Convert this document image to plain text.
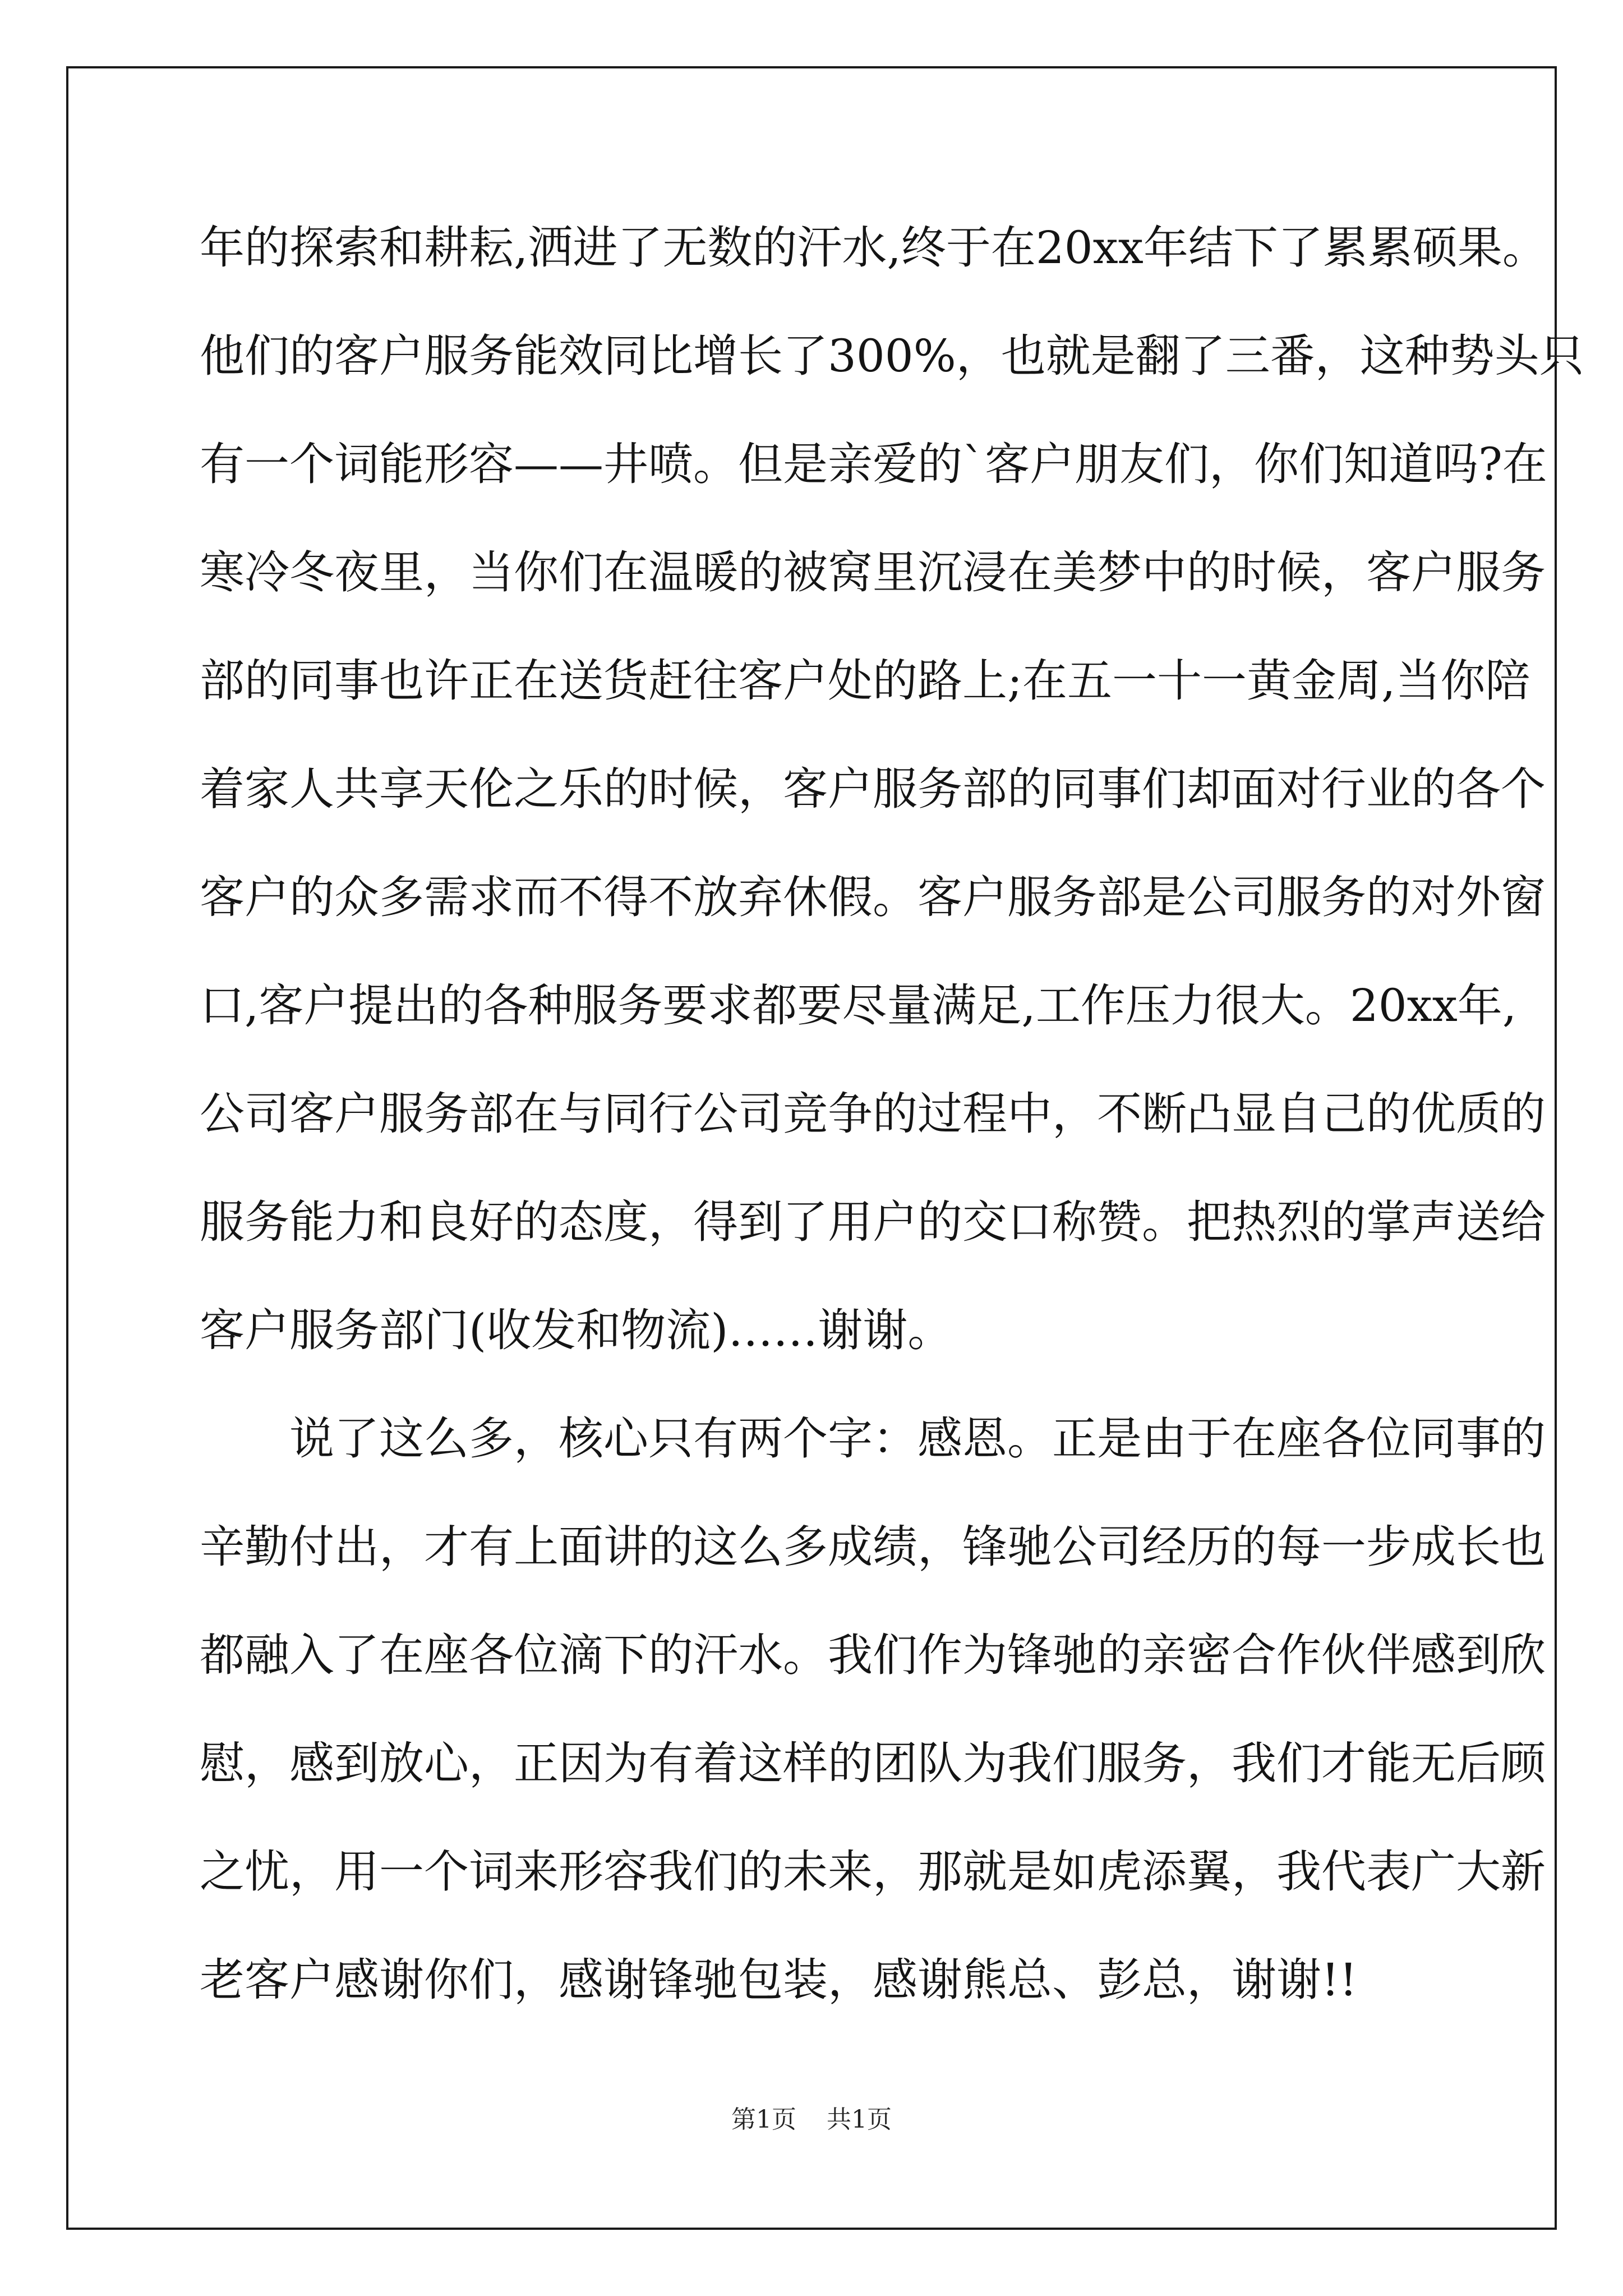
年的探索和耕耘,洒进了无数的汗水,终于在20xx年结下了累累硕果。
他们的客户服务能效同比增长了300%，也就是翻了三番，这种势头只
有一个词能形容——井喷。但是亲爱的`客户朋友们，你们知道吗?在
寒冷冬夜里，当你们在温暖的被窝里沉浸在美梦中的时候，客户服务
部的同事也许正在送货赶往客户处的路上;在五一十一黄金周,当你陪
着家人共享天伦之乐的时候，客户服务部的同事们却面对行业的各个
客户的众多需求而不得不放弃休假。客户服务部是公司服务的对外窗
口,客户提出的各种服务要求都要尽量满足,工作压力很大。20xx年,
公司客户服务部在与同行公司竞争的过程中，不断凸显自己的优质的
服务能力和良好的态度，得到了用户的交口称赞。把热烈的掌声送给
客户服务部门(收发和物流)……谢谢。
说了这么多，核心只有两个字：感恩。正是由于在座各位同事的
辛勤付出，才有上面讲的这么多成绩，锋驰公司经历的每一步成长也
都融入了在座各位滴下的汗水。我们作为锋驰的亲密合作伙伴感到欣
慰，感到放心，正因为有着这样的团队为我们服务，我们才能无后顾
之忧，用一个词来形容我们的未来，那就是如虎添翼，我代表广大新
老客户感谢你们，感谢锋驰包装，感谢熊总、彭总，谢谢!!
第1页 共1页
